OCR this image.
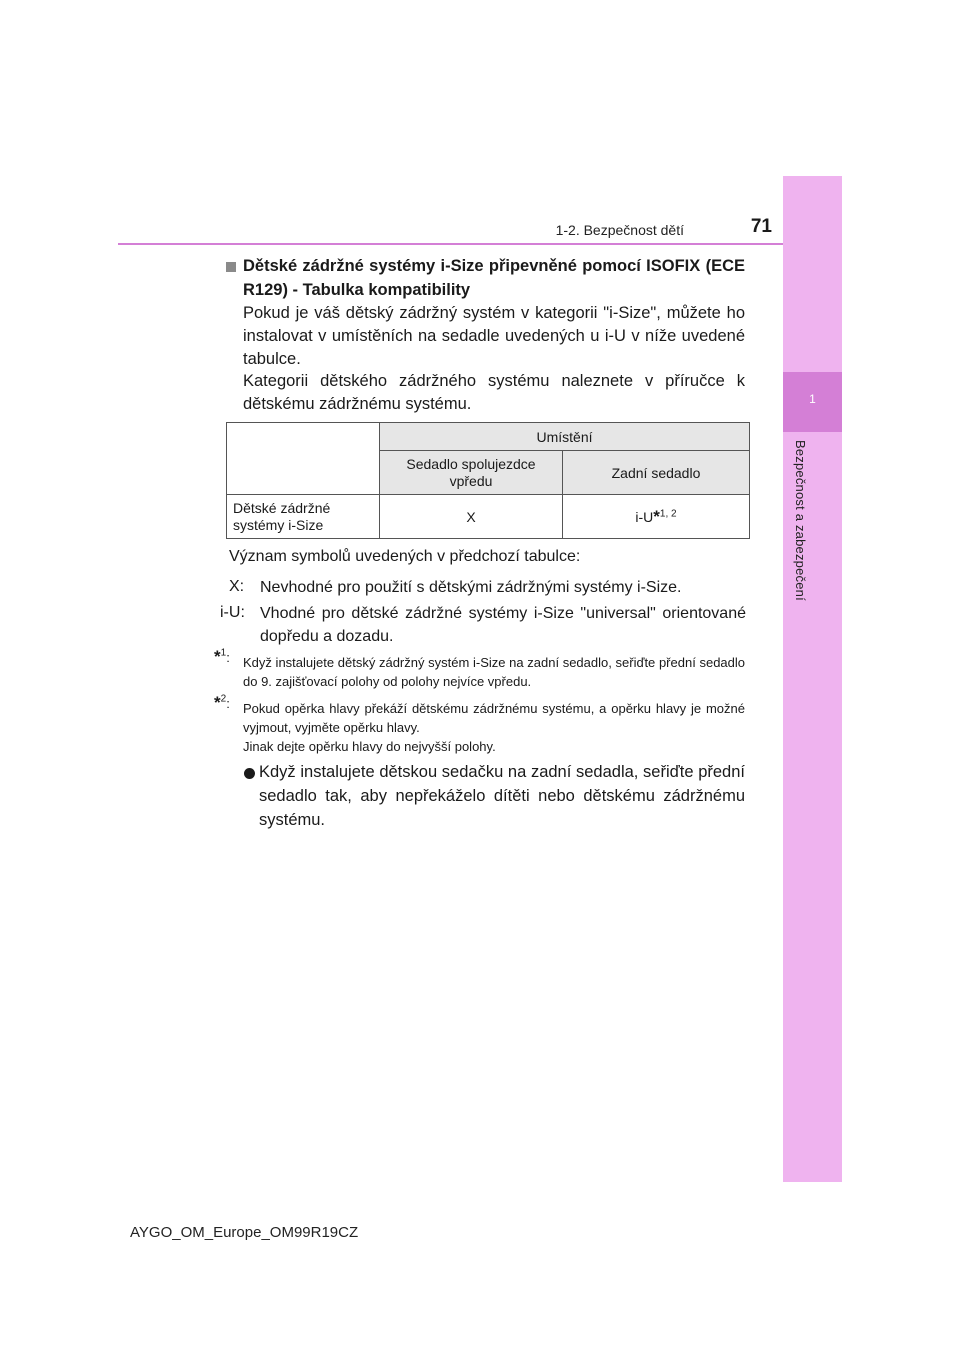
1
Bezpečnost a zabezpečení
1-2. Bezpečnost dětí	71
Dětské zádržné systémy i-Size připevněné pomocí ISOFIX (ECE R129) - Tabulka kompatibility
Pokud je váš dětský zádržný systém v kategorii "i-Size", můžete ho instalovat v umístěních na sedadle uvedených u i-U v níže uvedené tabulce.
Kategorii dětského zádržného systému naleznete v příručce k dětskému zádržnému systému.
	Umístění	
	Sedadlo spolujezdce vpředu	Zadní sedadlo
Dětské zádržné systémy i-Size	X	i-U*$^{1, 2}$
Význam symbolů uvedených v předchozí tabulce:
X: Nevhodné pro použití s dětskými zádržnými systémy i-Size.
i-U: Vhodné pro dětské zádržné systémy i-Size "universal" orientované dopředu a dozadu.
*$^1$: Když instalujete dětský zádržný systém i-Size na zadní sedadlo, seřiďte přední sedadlo do 9. zajišťovací polohy od polohy nejvíce vpředu.
*$^2$: Pokud opěrka hlavy překáží dětskému zádržnému systému, a opěrku hlavy je možné vyjmout, vyjměte opěrku hlavy.
Jinak dejte opěrku hlavy do nejvyšší polohy.
Když instalujete dětskou sedačku na zadní sedadla, seřiďte přední sedadlo tak, aby nepřekáželo dítěti nebo dětskému zádržnému systému.
AYGO_OM_Europe_OM99R19CZ
